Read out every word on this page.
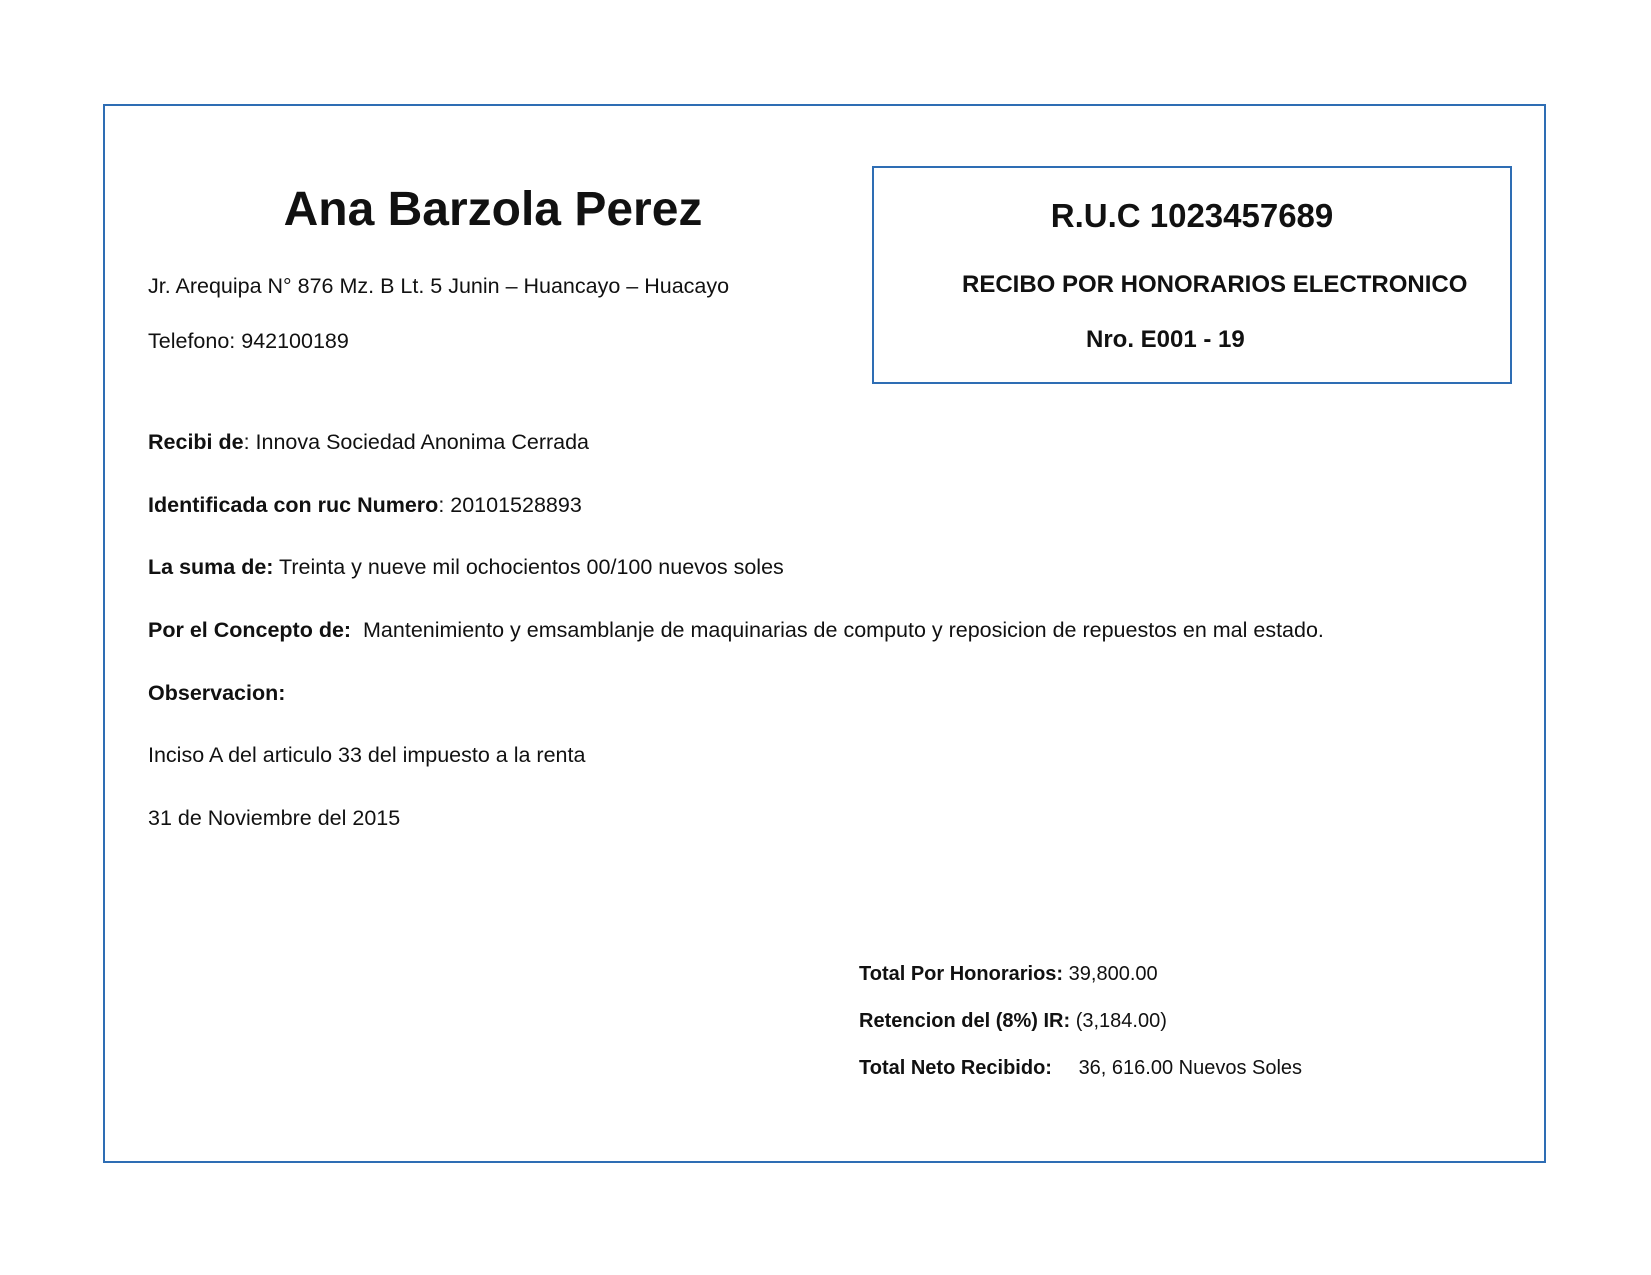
Ana Barzola Perez
Jr. Arequipa N° 876 Mz. B Lt. 5 Junin – Huancayo – Huacayo
Telefono: 942100189
R.U.C 1023457689
RECIBO POR HONORARIOS ELECTRONICO
Nro. E001 - 19
Recibi de: Innova Sociedad Anonima Cerrada
Identificada con ruc Numero: 20101528893
La suma de: Treinta y nueve mil ochocientos 00/100 nuevos soles
Por el Concepto de:  Mantenimiento y emsamblanje de maquinarias de computo y reposicion de repuestos en mal estado.
Observacion:
Inciso A del articulo 33 del impuesto a la renta
31 de Noviembre del 2015
Total Por Honorarios: 39,800.00
Retencion del (8%) IR: (3,184.00)
Total Neto Recibido: 36, 616.00 Nuevos Soles
